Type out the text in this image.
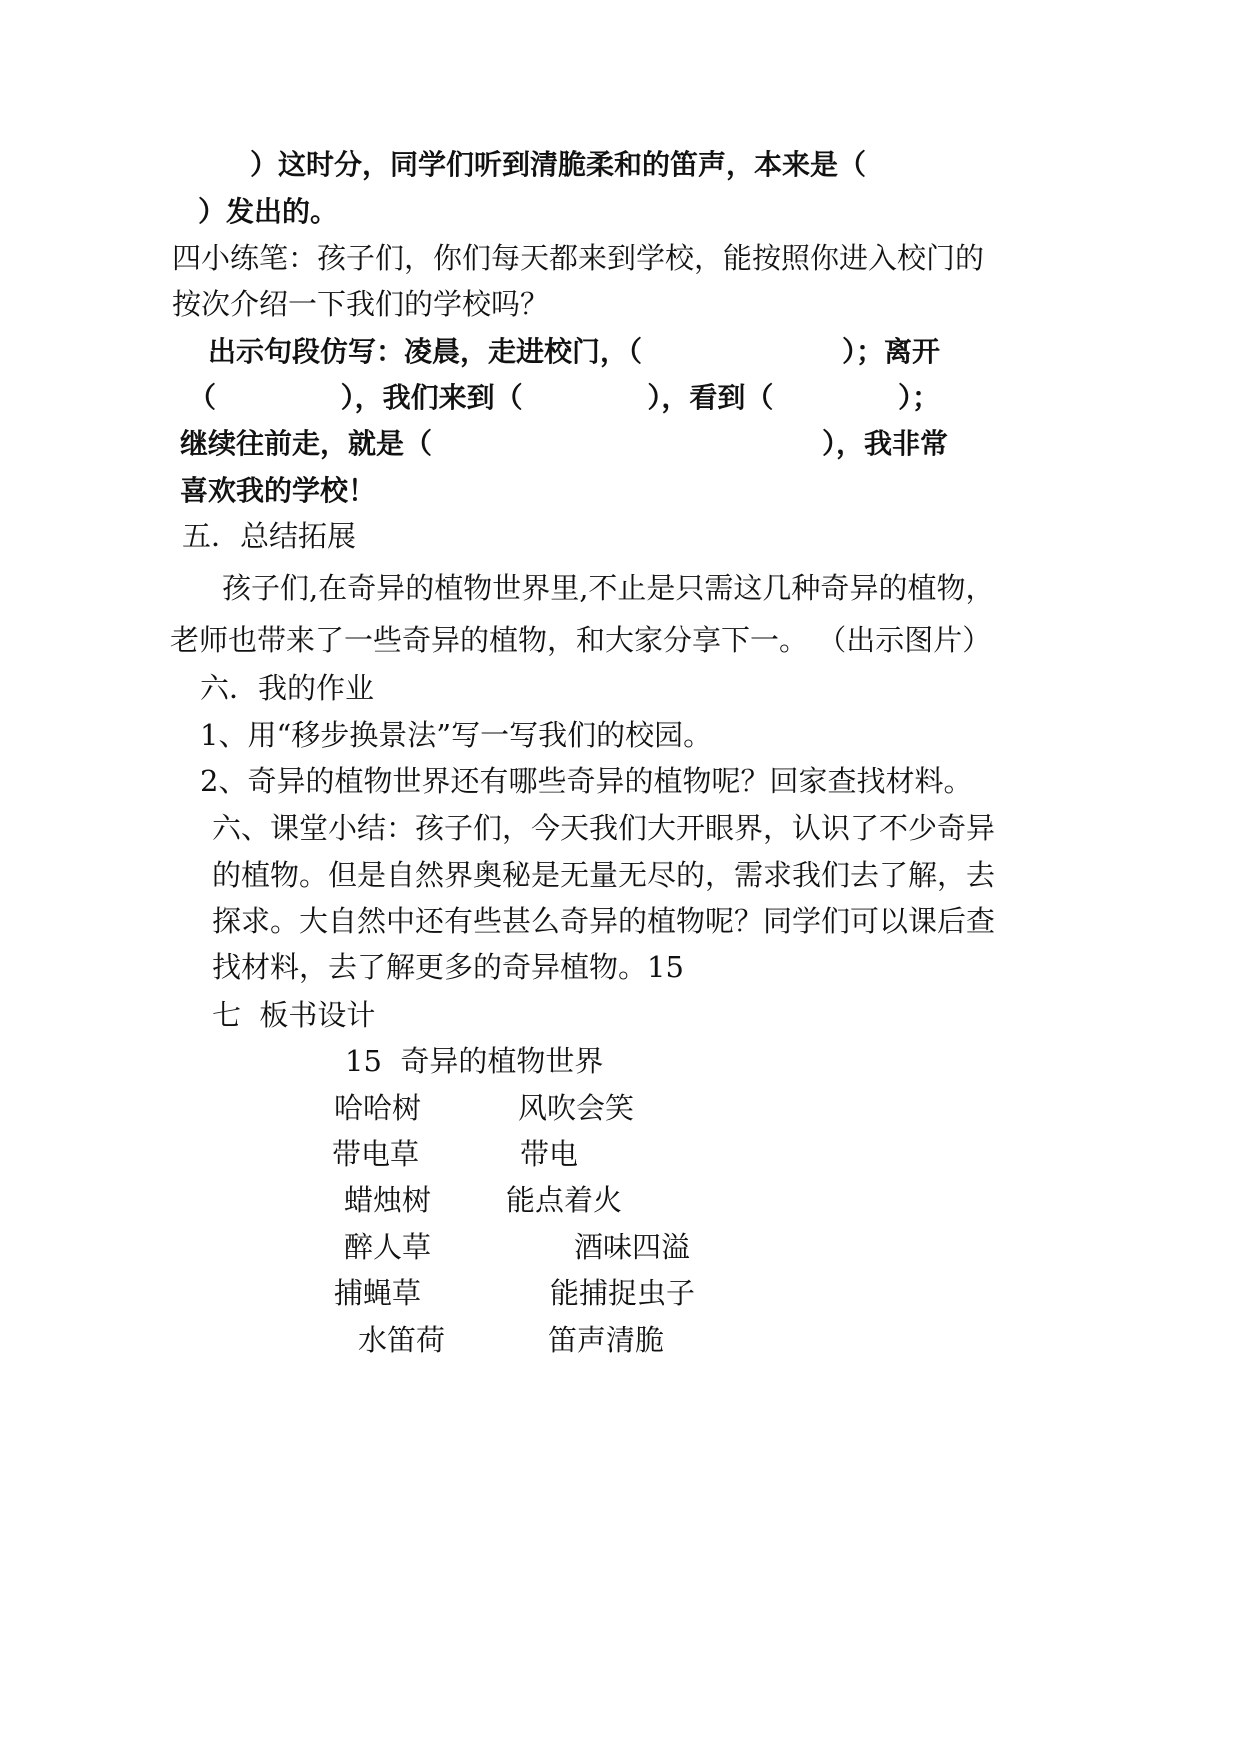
）这时分，同学们听到清脆柔和的笛声，本来是（

）发出的。

四 小练笔：孩子们，你们每天都来到学校，能按照你进入校门的

按次介绍一下我们的学校吗？

出示句段仿写：凌晨，走进校门，（	）；离开
（	），我们来到（	），看到（	）；
继续往前走，就是（	），我非常

喜欢我的学校！

五．总结拓展

孩子们,在奇异的植物世界里,不止是只需这几种奇异的植物，

老师也带来了一些奇异的植物，和大家分享下一。 （出示图片）

六．我的作业

1、用“移步换景法”写一写我们的校园。

2、奇异的植物世界还有哪些奇异的植物呢？回家查找材料。

六、课堂小结：孩子们，今天我们大开眼界，认识了不少奇异

的植物。但是自然界奥秘是无量无尽的，需求我们去了解，去

探求。大自然中还有些甚么奇异的植物呢？同学们可以课后查

找材料，去了解更多的奇异植物。15

七  板书设计

15  奇异的植物世界

哈哈树	风吹会笑

带电草	带电

蜡烛树	能点着火

醉人草	酒味四溢

捕蝇草	能捕捉虫子

水笛荷	笛声清脆
